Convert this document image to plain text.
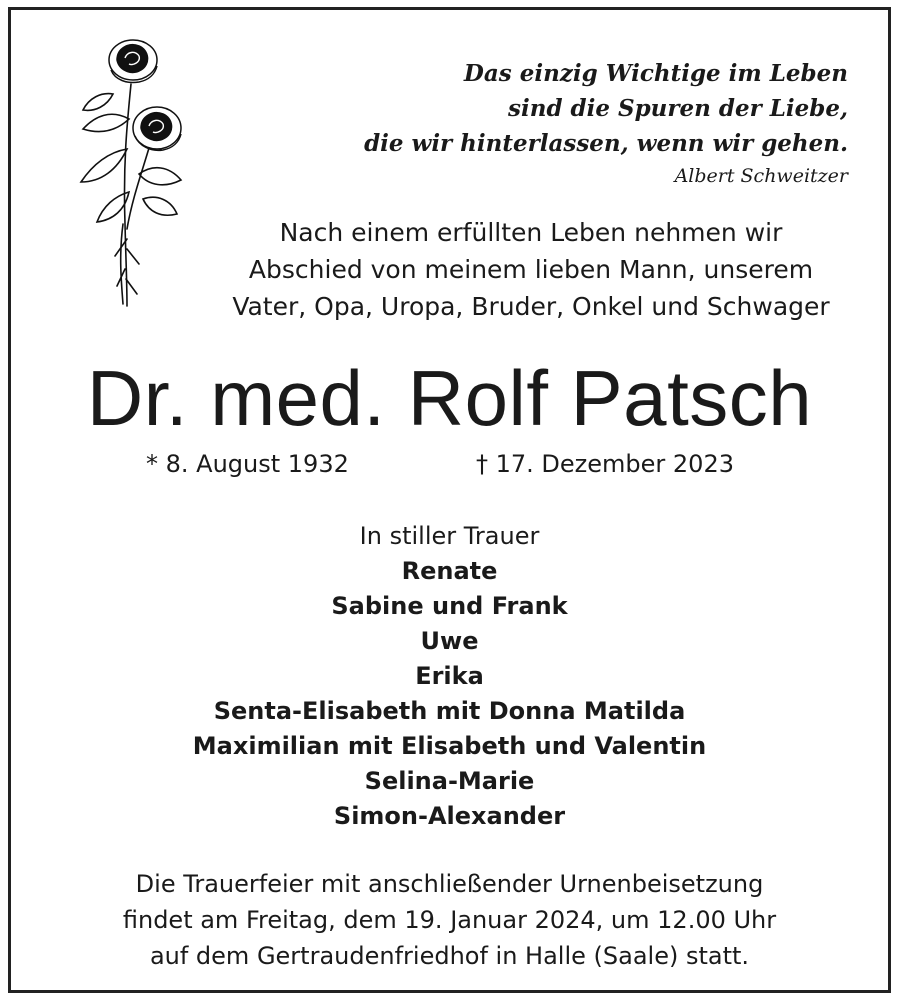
Das einzig Wichtige im Leben
sind die Spuren der Liebe,
die wir hinterlassen, wenn wir gehen.
Albert Schweitzer
Nach einem erfüllten Leben nehmen wir
Abschied von meinem lieben Mann, unserem
Vater, Opa, Uropa, Bruder, Onkel und Schwager
Dr. med. Rolf Patsch
* 8. August 1932	† 17. Dezember 2023
In stiller Trauer
Renate
Sabine und Frank
Uwe
Erika
Senta-Elisabeth mit Donna Matilda
Maximilian mit Elisabeth und Valentin
Selina-Marie
Simon-Alexander
Die Trauerfeier mit anschließender Urnenbeisetzung
findet am Freitag, dem 19. Januar 2024, um 12.00 Uhr
auf dem Gertraudenfriedhof in Halle (Saale) statt.
